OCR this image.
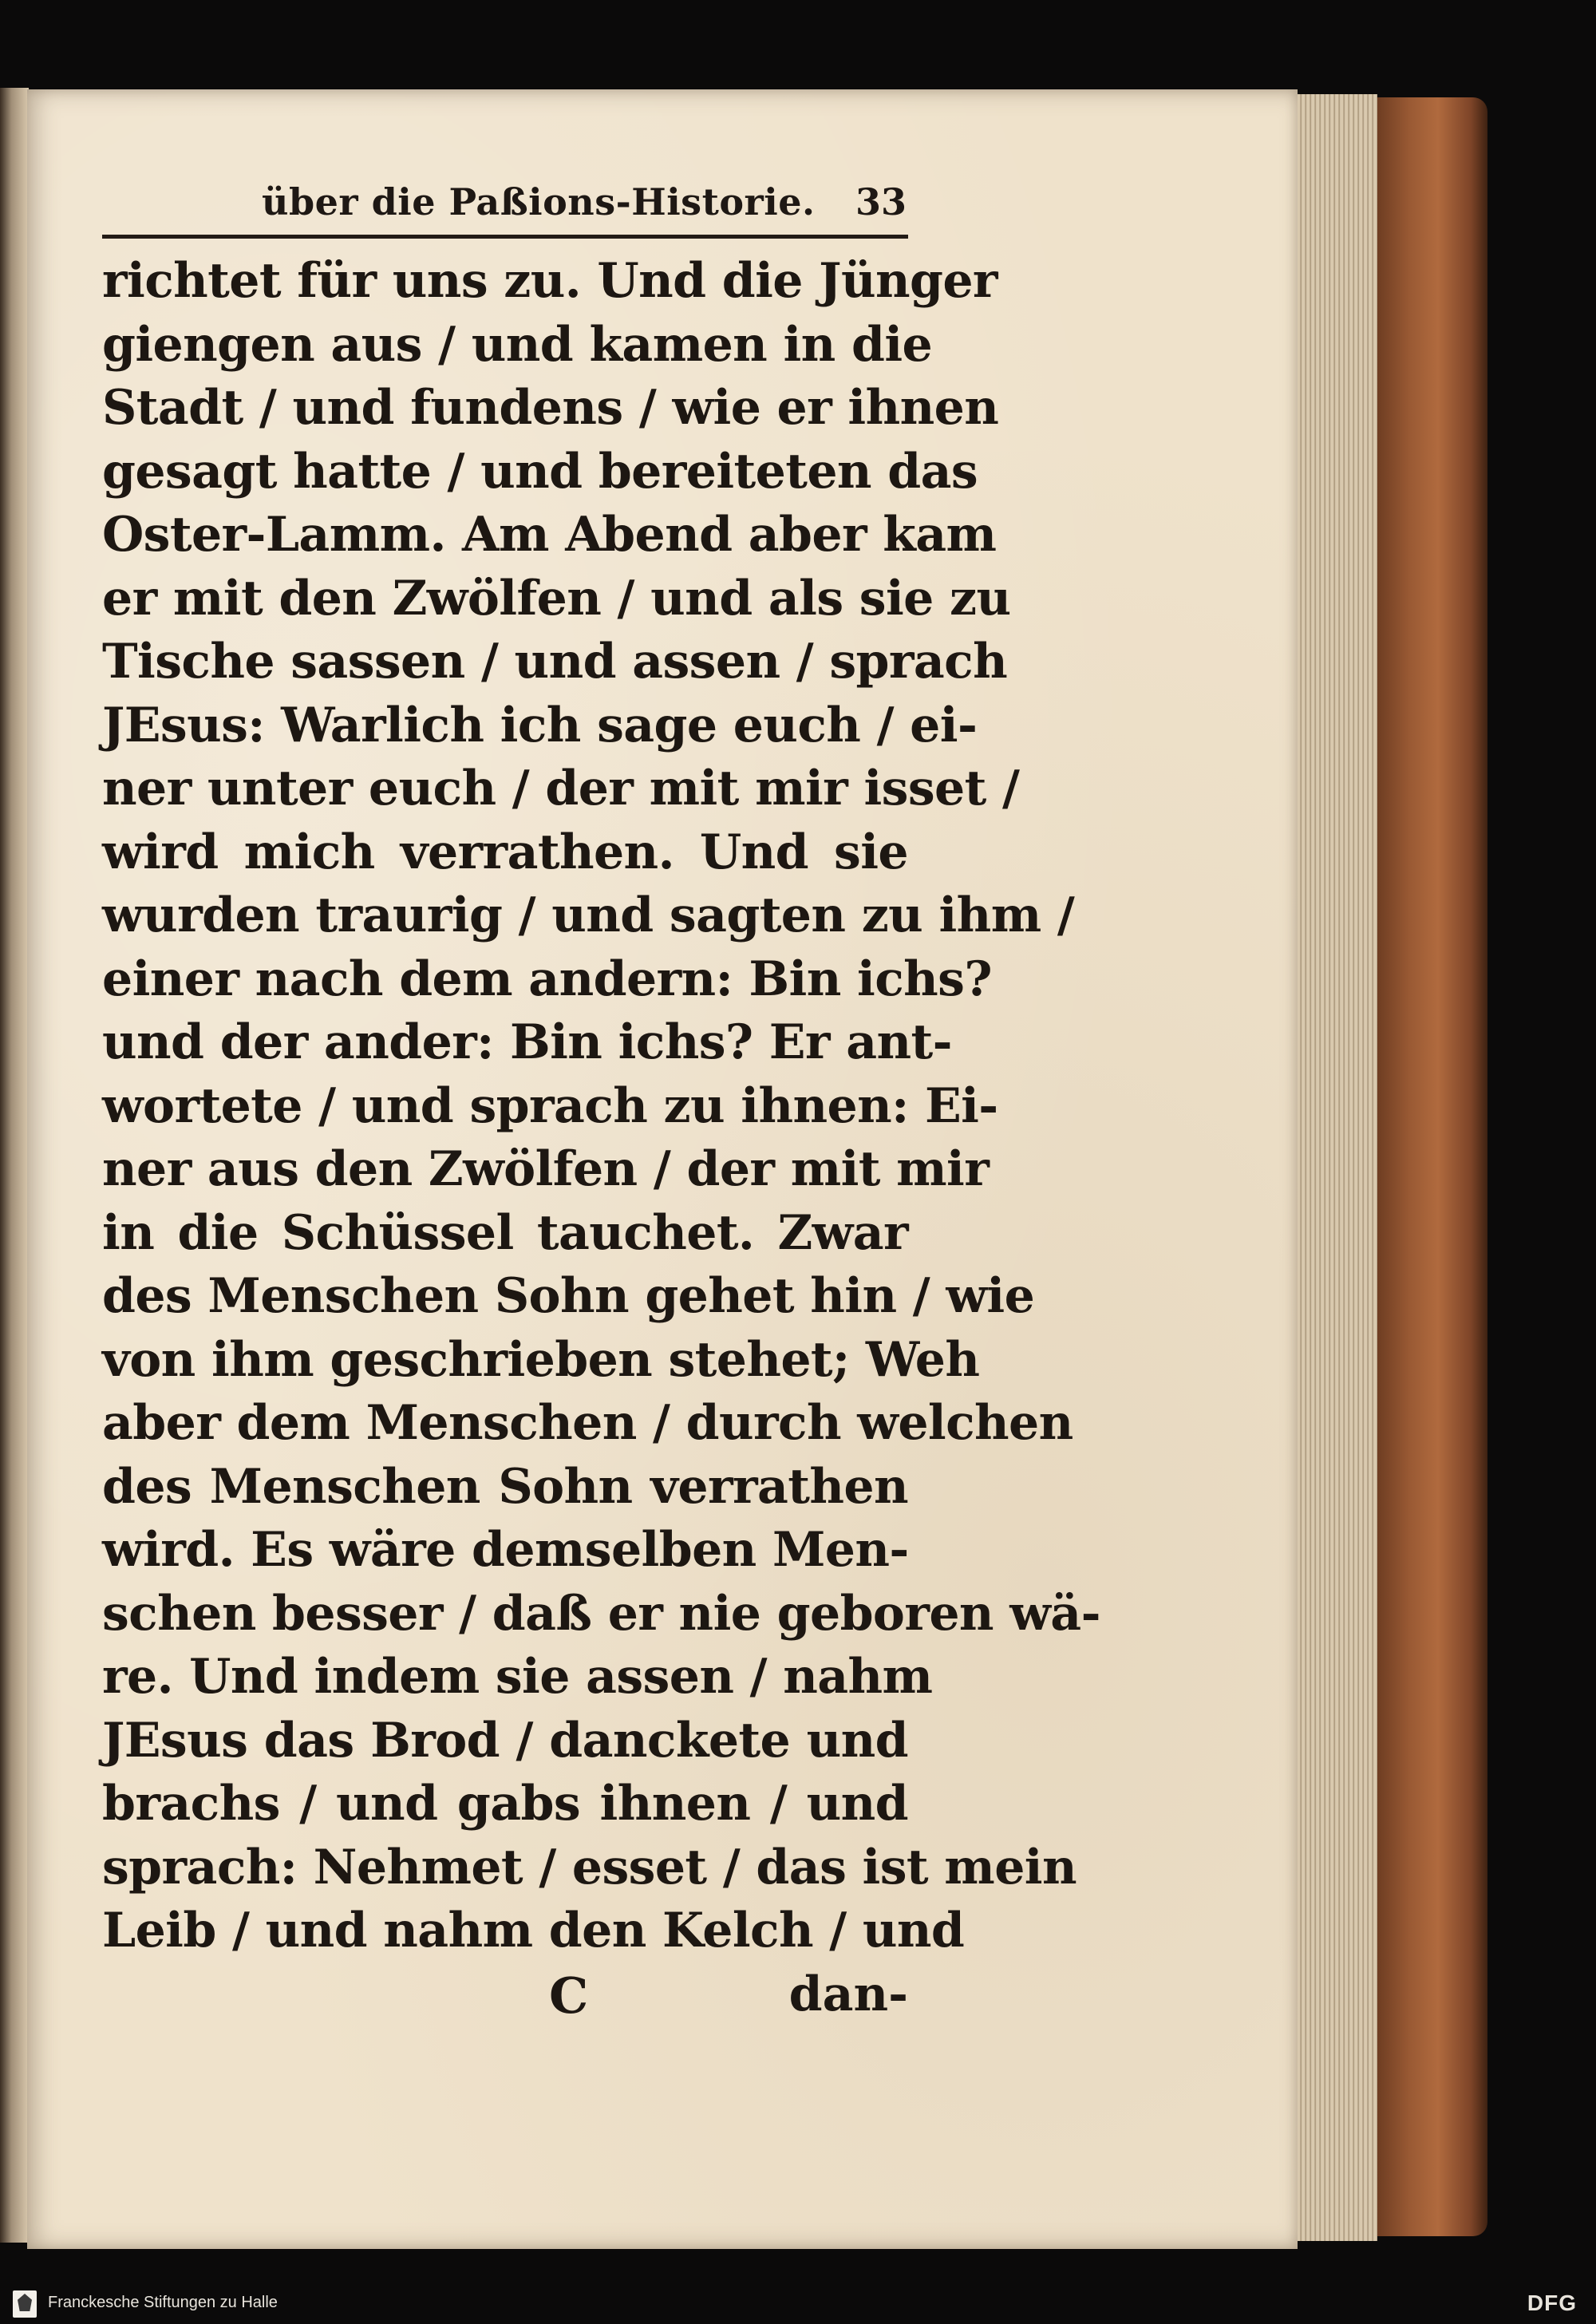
über die Paßions-Historie. 33
richtet für uns zu. Und die Jünger
giengen aus / und kamen in die
Stadt / und fundens / wie er ihnen
gesagt hatte / und bereiteten das
Oster-Lamm. Am Abend aber kam
er mit den Zwölfen / und als sie zu
Tische sassen / und assen / sprach
JEsus: Warlich ich sage euch / ei-
ner unter euch / der mit mir isset /
wird mich verrathen. Und sie
wurden traurig / und sagten zu ihm /
einer nach dem andern: Bin ichs?
und der ander: Bin ichs? Er ant-
wortete / und sprach zu ihnen: Ei-
ner aus den Zwölfen / der mit mir
in die Schüssel tauchet. Zwar
des Menschen Sohn gehet hin / wie
von ihm geschrieben stehet; Weh
aber dem Menschen / durch welchen
des Menschen Sohn verrathen
wird. Es wäre demselben Men-
schen besser / daß er nie geboren wä-
re. Und indem sie assen / nahm
JEsus das Brod / danckete und
brachs / und gabs ihnen / und
sprach: Nehmet / esset / das ist mein
Leib / und nahm den Kelch / und
C	dan-
Franckesche Stiftungen zu Halle	DFG
